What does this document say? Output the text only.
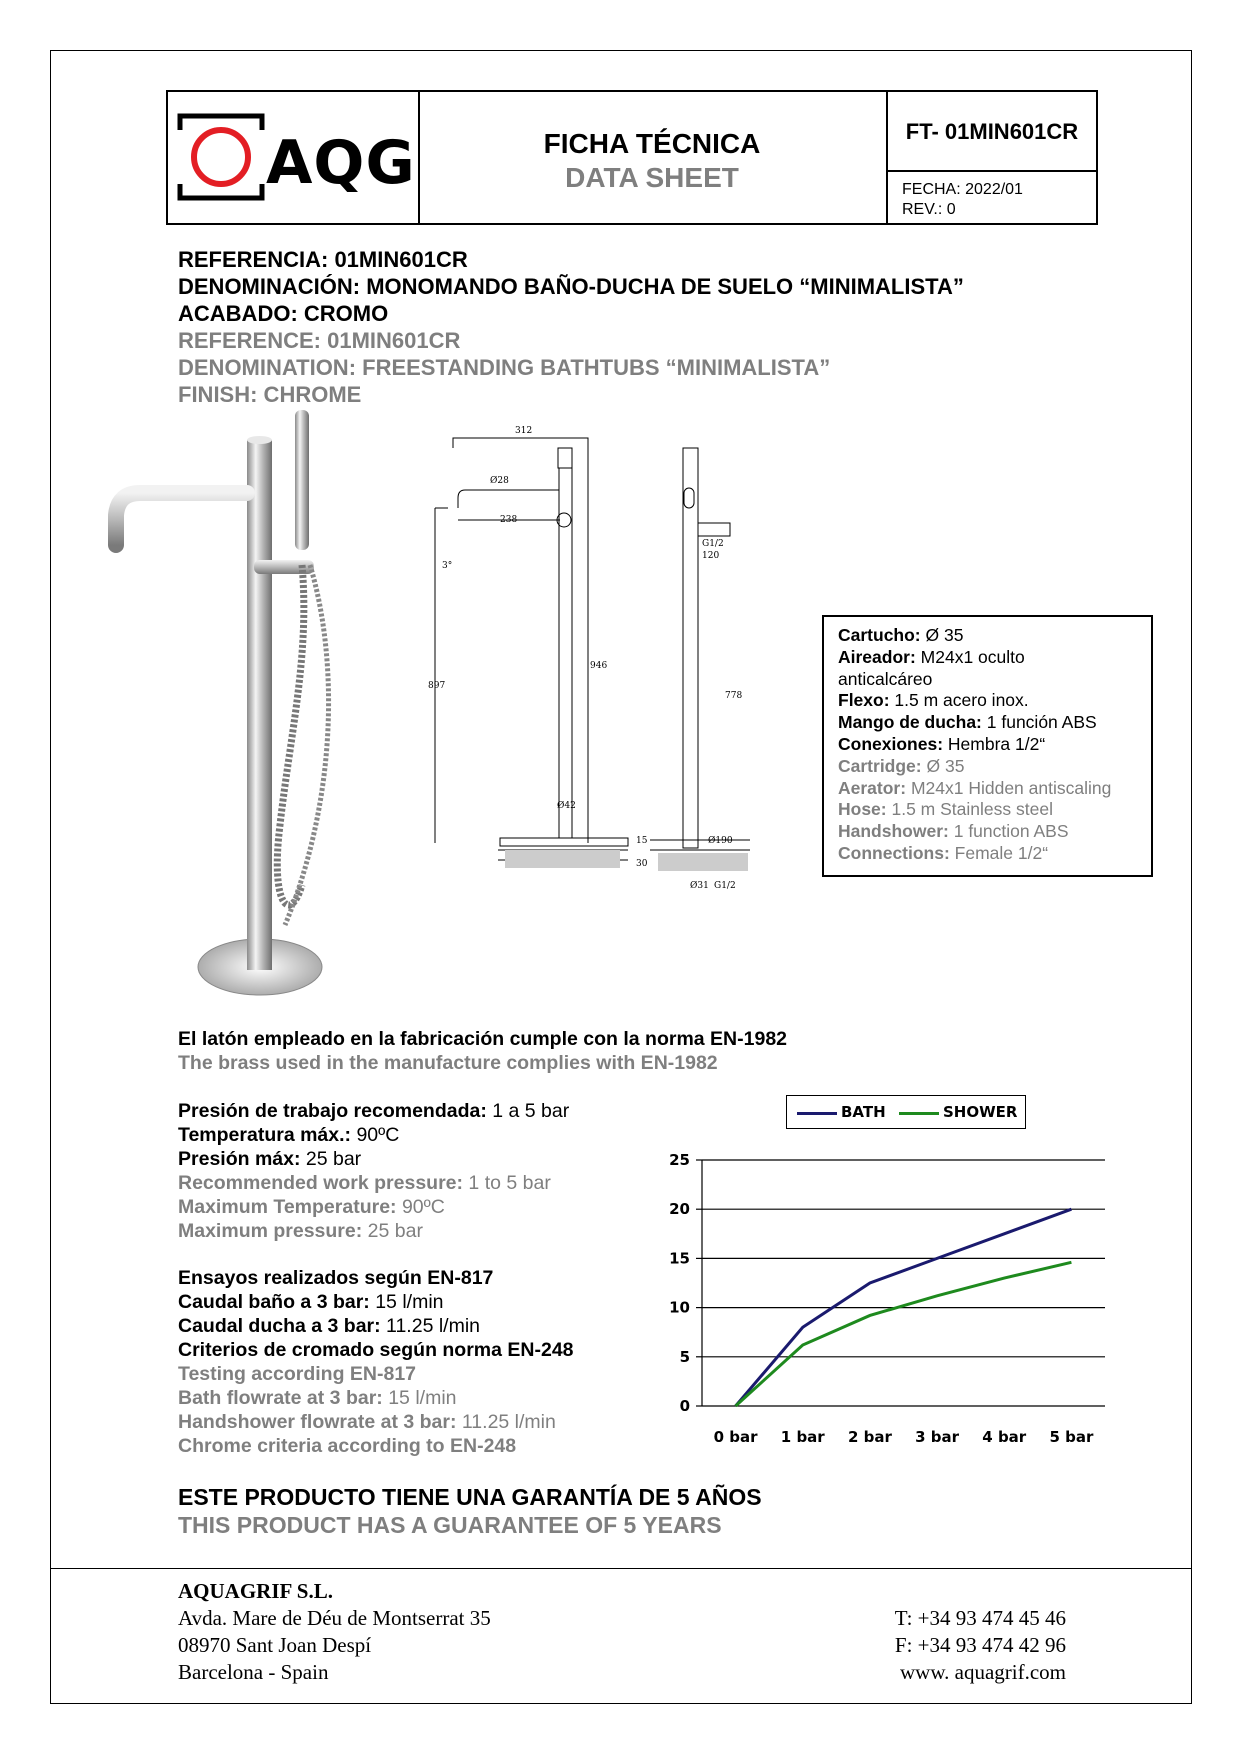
AQG	FICHA TÉCNICA
DATA SHEET
FT- 01MIN601CR
FECHA: 2022/01
REV.: 0
REFERENCIA: 01MIN601CR
DENOMINACIÓN: MONOMANDO BAÑO-DUCHA DE SUELO “MINIMALISTA”
ACABADO: CROMO
REFERENCE: 01MIN601CR
DENOMINATION: FREESTANDING BATHTUBS “MINIMALISTA”
FINISH: CHROME
312
238
Ø28
897
946
Ø42
15
30
G1/2
120
778
Ø190
Ø31 G1/2
3°
Cartucho: Ø 35
Aireador: M24x1 oculto
anticalcáreo
Flexo: 1.5 m acero inox.
Mango de ducha: 1 función ABS
Conexiones: Hembra 1/2“
Cartridge: Ø 35
Aerator: M24x1 Hidden antiscaling
Hose: 1.5 m Stainless steel
Handshower: 1 function ABS
Connections: Female 1/2“
El latón empleado en la fabricación cumple con la norma EN-1982
The brass used in the manufacture complies with EN-1982
Presión de trabajo recomendada: 1 a 5 bar
Temperatura máx.: 90ºC
Presión máx: 25 bar
Recommended work pressure: 1 to 5 bar
Maximum Temperature: 90ºC
Maximum pressure: 25 bar
Ensayos realizados según EN-817
Caudal baño a 3 bar: 15 l/min
Caudal ducha a 3 bar: 11.25 l/min
Criterios de cromado según norma EN-248
Testing according EN-817
Bath flowrate at 3 bar: 15 l/min
Handshower flowrate at 3 bar: 11.25 l/min
Chrome criteria according to EN-248
BATH	SHOWER
0
5
10
15
20
25
0 bar 1 bar 2 bar 3 bar 4 bar 5 bar
ESTE PRODUCTO TIENE UNA GARANTÍA DE 5 AÑOS
THIS PRODUCT HAS A GUARANTEE OF 5 YEARS
AQUAGRIF S.L.
Avda. Mare de Déu de Montserrat 35
08970 Sant Joan Despí
Barcelona - Spain
T: +34 93 474 45 46
F: +34 93 474 42 96
www. aquagrif.com
